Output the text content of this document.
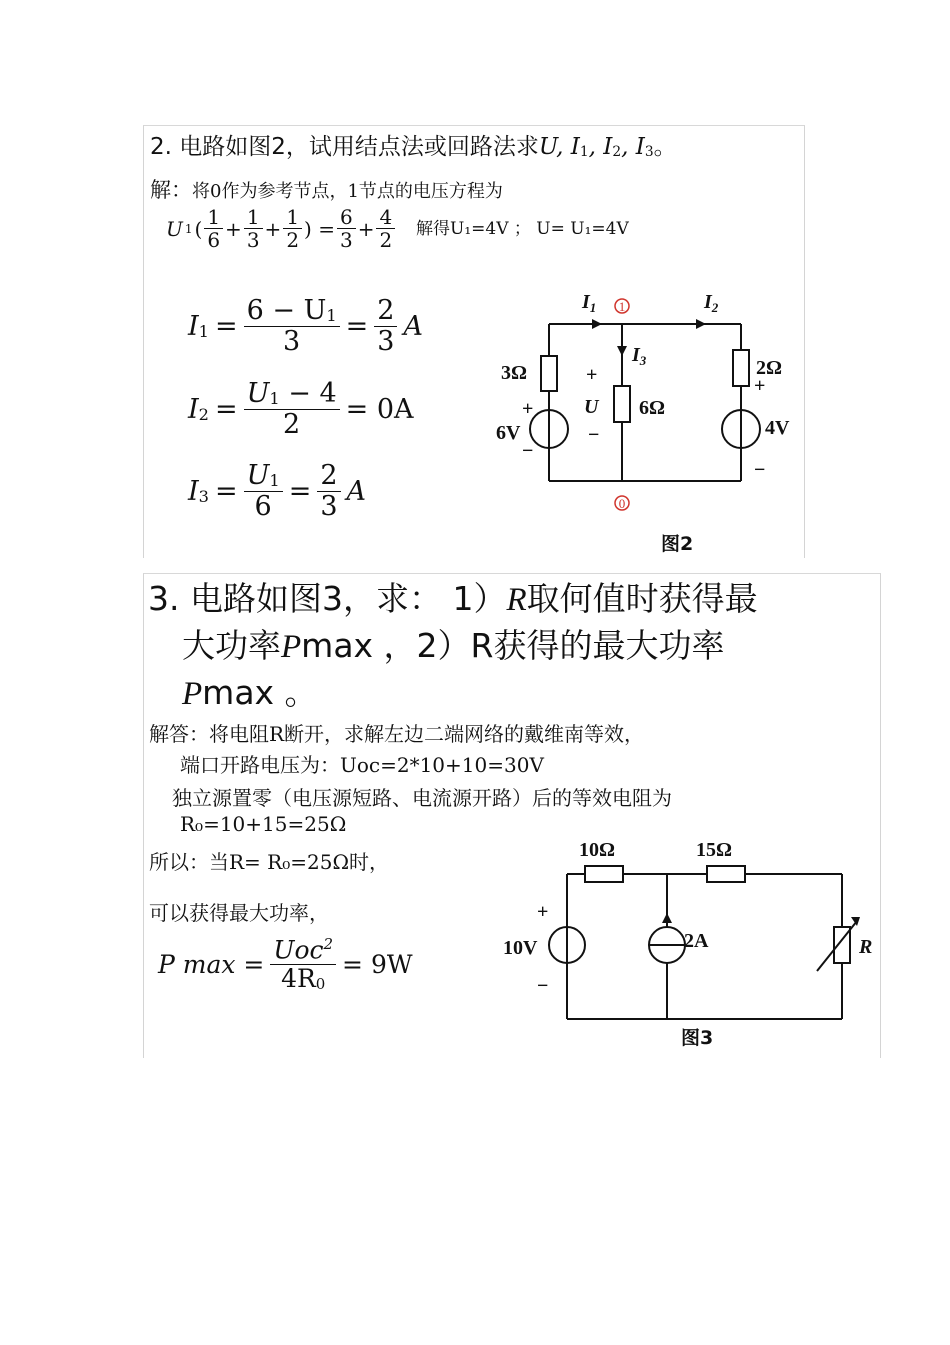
2. 电路如图2，试用结点法或回路法求U, $I_1$, $I_2$, $I_3$。
解：将0作为参考节点，1节点的电压方程为
U 1 ( $\frac{1}{6} + \frac{1}{3} + \frac{1}{2}$ ) = $\frac{6}{3} + \frac{4}{2}$ 解得U₁=4V ； U= U₁=4V
$I_1 = \frac{6 - U_1}{3} = \frac{2}{3}$ A
$I_2 = \frac{U_1 - 4}{2} = 0A$
$I_3 = \frac{U_1}{6} = \frac{2}{3}$ A
1
0
$I_1$	$I_2$
$I_3$
3Ω
6Ω
2Ω
6V	4V
U
+
−
+
−
+
−
图2
3. 电路如图3，求： 1）R取何值时获得最
大功率Pmax ，2）R获得的最大功率
Pmax 。
解答：将电阻R断开，求解左边二端网络的戴维南等效，
端口开路电压为：Uoc=2*10+10=30V
独立源置零（电压源短路、电流源开路）后的等效电阻为
R₀=10+15=25Ω
所以：当R= R₀=25Ω时，
可以获得最大功率，
P $\max = \frac{Uoc^2}{4R_0} = 9W$
10Ω	15Ω
10V	2A	R
+
−
图3
